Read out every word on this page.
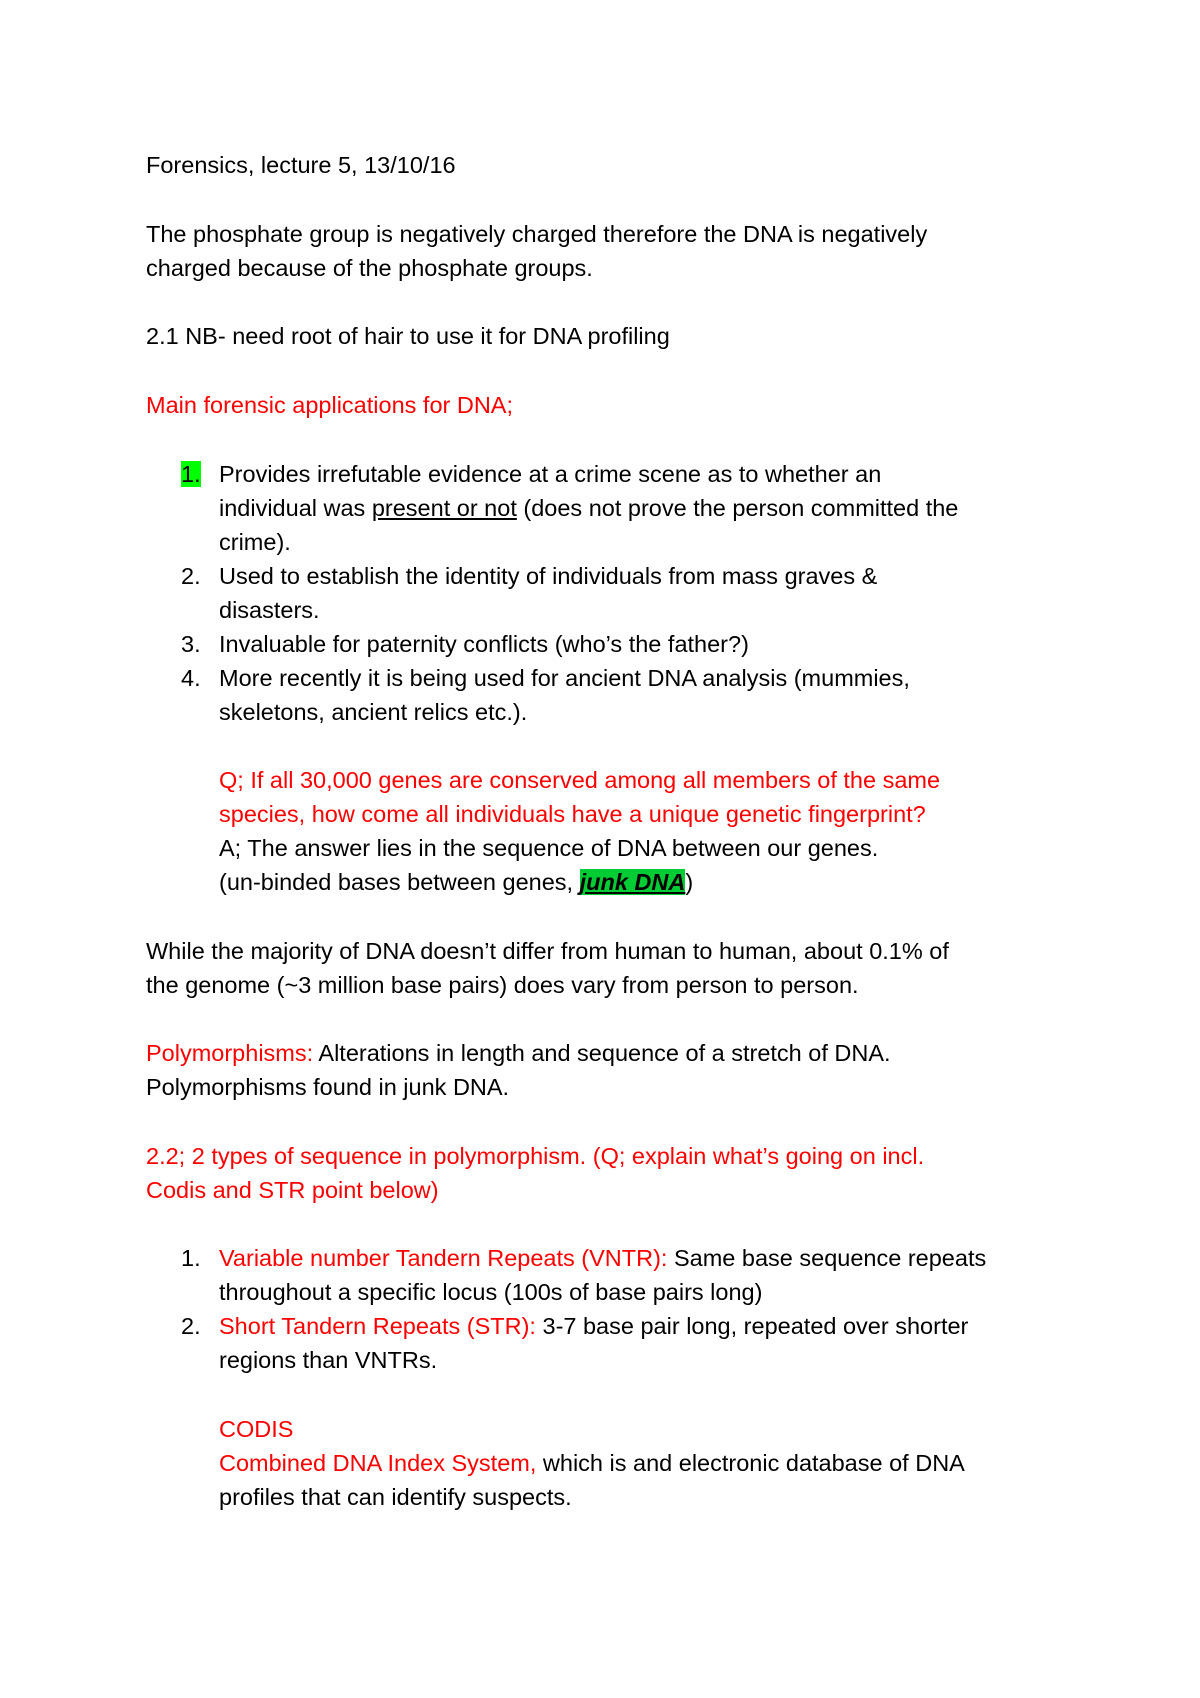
Forensics, lecture 5, 13/10/16
The phosphate group is negatively charged therefore the DNA is negatively
charged because of the phosphate groups.
2.1 NB- need root of hair to use it for DNA profiling
Main forensic applications for DNA;
1. Provides irrefutable evidence at a crime scene as to whether an
individual was present or not (does not prove the person committed the
crime).
2. Used to establish the identity of individuals from mass graves &
disasters.
3. Invaluable for paternity conflicts (who’s the father?)
4. More recently it is being used for ancient DNA analysis (mummies,
skeletons, ancient relics etc.).
Q; If all 30,000 genes are conserved among all members of the same
species, how come all individuals have a unique genetic fingerprint?
A; The answer lies in the sequence of DNA between our genes.
(un-binded bases between genes, junk DNA)
While the majority of DNA doesn’t differ from human to human, about 0.1% of
the genome (~3 million base pairs) does vary from person to person.
Polymorphisms: Alterations in length and sequence of a stretch of DNA.
Polymorphisms found in junk DNA.
2.2; 2 types of sequence in polymorphism. (Q; explain what’s going on incl.
Codis and STR point below)
1. Variable number Tandern Repeats (VNTR): Same base sequence repeats
throughout a specific locus (100s of base pairs long)
2. Short Tandern Repeats (STR): 3-7 base pair long, repeated over shorter
regions than VNTRs.
CODIS
Combined DNA Index System, which is and electronic database of DNA
profiles that can identify suspects.
